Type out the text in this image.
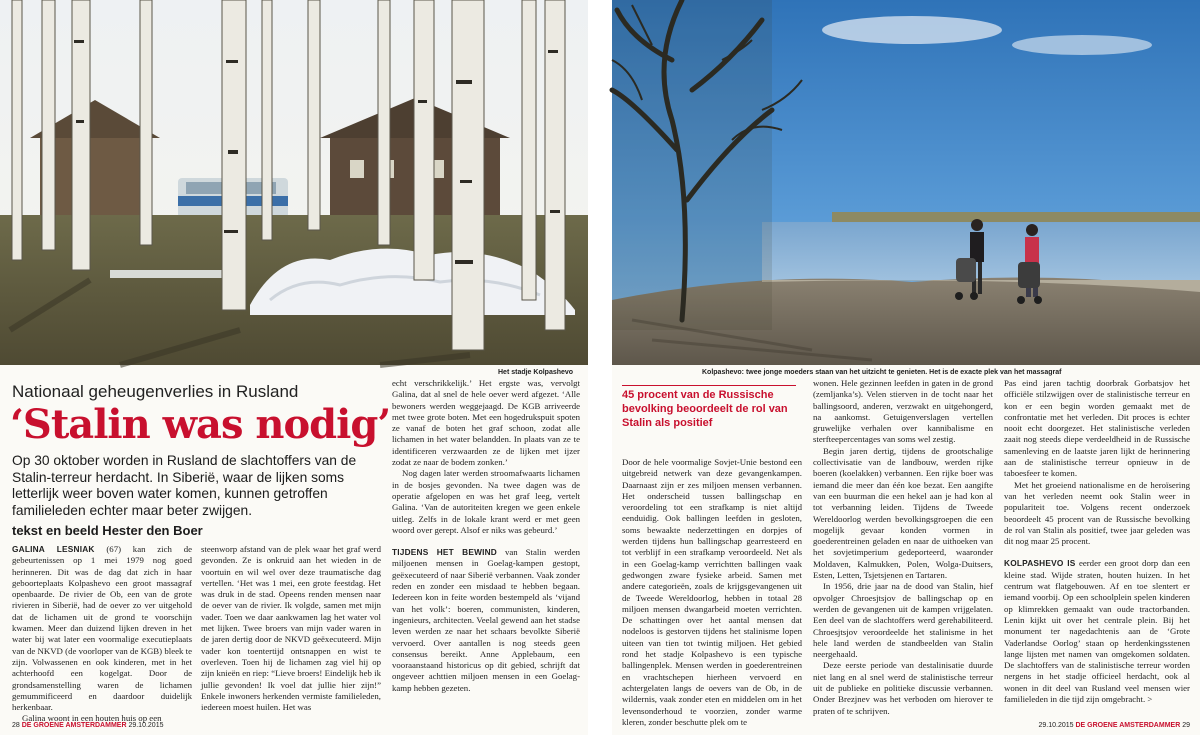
Het stadje Kolpashevo
Nationaal geheugenverlies in Rusland
‘Stalin was nodig’
Op 30 oktober worden in Rusland de slachtoffers van de Stalin-terreur herdacht. In Siberië, waar de lijken soms letterlijk weer boven water komen, kunnen getroffen familieleden echter maar beter zwijgen.
tekst en beeld Hester den Boer

GALINA LESNIAK (67) kan zich de gebeurtenissen op 1 mei 1979 nog goed herinneren. Dit was de dag dat zich in haar geboorteplaats Kolpashevo een groot massagraf openbaarde. De rivier de Ob, een van de grote rivieren in Siberië, had de oever zo ver uitgehold dat de lichamen uit de grond te voorschijn kwamen. Meer dan duizend lijken dreven in het water bij wat later een voormalige executieplaats van de NKVD (de voorloper van de KGB) bleek te zijn. Volwassenen en ook kinderen, met in het achterhoofd een kogelgat. Door de grondsamenstelling waren de lichamen gemummificeerd en daardoor duidelijk herkenbaar.

Galina woont in een houten huis op een

steenworp afstand van de plek waar het graf werd gevonden. Ze is onkruid aan het wieden in de voortuin en wil wel over deze traumatische dag vertellen. ‘Het was 1 mei, een grote feestdag. Het was druk in de stad. Opeens renden mensen naar de oever van de rivier. Ik volgde, samen met mijn vader. Toen we daar aankwamen lag het water vol met lijken. Twee broers van mijn vader waren in de jaren dertig door de NKVD geëxecuteerd. Mijn vader kon toentertijd ontsnappen en wist te overleven. Toen hij de lichamen zag viel hij op zijn knieën en riep: “Lieve broers! Eindelijk heb ik jullie gevonden! Ik voel dat jullie hier zijn!” Enkele inwoners herkenden vermiste familieleden, iedereen moest huilen. Het was

echt verschrikkelijk.’ Het ergste was, vervolgt Galina, dat al snel de hele oever werd afgezet. ‘Alle bewoners werden weggejaagd. De KGB arriveerde met twee grote boten. Met een hogedrukspuit spoten ze vanaf de boten het graf schoon, zodat alle lichamen in het water belandden. In plaats van ze te identificeren verzwaarden ze de lijken met ijzer zodat ze naar de bodem zonken.’

Nog dagen later werden stroomafwaarts lichamen in de bosjes gevonden. Na twee dagen was de operatie afgelopen en was het graf leeg, vertelt Galina. ‘Van de autoriteiten kregen we geen enkele uitleg. Zelfs in de lokale krant werd er met geen woord over gerept. Alsof er niks was gebeurd.’

TIJDENS HET BEWIND van Stalin werden miljoenen mensen in Goelag-kampen gestopt, geëxecuteerd of naar Siberië verbannen. Vaak zonder reden en zonder een misdaad te hebben begaan. Iedereen kon in feite worden bestempeld als ‘vijand van het volk’: boeren, communisten, kinderen, ingenieurs, architecten. Veelal gewend aan het stadse leven werden ze naar het schaars bevolkte Siberië vervoerd. Over aantallen is nog steeds geen consensus bereikt. Anne Applebaum, een vooraanstaand historicus op dit gebied, schrijft dat ongeveer achttien miljoen mensen in een Goelag-kamp hebben gezeten.

28 DE GROENE AMSTERDAMMER 29.10.2015
Kolpashevo: twee jonge moeders staan van het uitzicht te genieten. Het is de exacte plek van het massagraf
45 procent van de Russische bevolking beoordeelt de rol van Stalin als positief

Door de hele voormalige Sovjet-Unie bestond een uitgebreid netwerk van deze gevangenkampen. Daarnaast zijn er zes miljoen mensen verbannen. Het onderscheid tussen ballingschap en veroordeling tot een strafkamp is niet altijd eenduidig. Ook ballingen leefden in gesloten, soms bewaakte nederzettingen en dorpjes of werden tijdens hun ballingschap gearresteerd en tot verblijf in een strafkamp veroordeeld. Net als in een Goelag-kamp verrichtten ballingen vaak gedwongen zware fysieke arbeid. Samen met andere categorieën, zoals de krijgsgevangenen uit de Tweede Wereldoorlog, hebben in totaal 28 miljoen mensen dwangarbeid moeten verrichten. De schattingen over het aantal mensen dat nodeloos is gestorven tijdens het stalinisme lopen uiteen van tien tot twintig miljoen. Het gebied rond het stadje Kolpashevo is een typische ballingenplek. Mensen werden in goederentreinen en vrachtschepen hierheen vervoerd en achtergelaten langs de oevers van de Ob, in de wildernis, vaak zonder eten en middelen om in het levensonderhoud te voorzien, zonder warme kleren, zonder beschutte plek om te

wonen. Hele gezinnen leefden in gaten in de grond (zemljanka’s). Velen stierven in de tocht naar het ballingsoord, anderen, verzwakt en uitgehongerd, na aankomst. Getuigenverslagen vertellen gruwelijke verhalen over kannibalisme en sterfteepercentages van soms wel zestig.

Begin jaren dertig, tijdens de grootschalige collectivisatie van de landbouw, werden rijke boeren (koelakken) verbannen. Een rijke boer was iemand die meer dan één koe bezat. Een aangifte van een buurman die een hekel aan je had kon al tot verbanning leiden. Tijdens de Tweede Wereldoorlog werden bevolkingsgroepen die een mogelijk gevaar konden vormen in goederentreinen geladen en naar de uithoeken van het sovjetimperium gedeporteerd, waaronder Moldaven, Kalmukken, Polen, Wolga-Duitsers, Esten, Letten, Tsjetsjenen en Tartaren.

In 1956, drie jaar na de dood van Stalin, hief opvolger Chroesjtsjov de ballingschap op en werden de gevangenen uit de kampen vrijgelaten. Een deel van de slachtoffers werd gerehabiliteerd. Chroesjtsjov veroordeelde het stalinisme in het hele land werden de standbeelden van Stalin neergehaald.

Deze eerste periode van destalinisatie duurde niet lang en al snel werd de stalinistische terreur uit de publieke en politieke discussie verbannen. Onder Brezjnev was het verboden om hierover te praten of te schrijven.

Pas eind jaren tachtig doorbrak Gorbatsjov het officiële stilzwijgen over de stalinistische terreur en kon er een begin worden gemaakt met de confrontatie met het verleden. Dit proces is echter nooit echt doorgezet. Het stalinistische verleden zaait nog steeds diepe verdeeldheid in de Russische samenleving en de laatste jaren lijkt de herinnering aan de stalinistische terreur opnieuw in de taboesfeer te komen.

Met het groeiend nationalisme en de heroïsering van het verleden neemt ook Stalin weer in populariteit toe. Volgens recent onderzoek beoordeelt 45 procent van de Russische bevolking de rol van Stalin als positief, twee jaar geleden was dit nog maar 25 procent.

KOLPASHEVO IS eerder een groot dorp dan een kleine stad. Wijde straten, houten huizen. In het centrum wat flatgebouwen. Af en toe slentert er iemand voorbij. Op een schoolplein spelen kinderen op klimrekken gemaakt van oude tractorbanden. Lenin kijkt uit over het centrale plein. Bij het monument ter nagedachtenis aan de ‘Grote Vaderlandse Oorlog’ staan op herdenkingsstenen lange lijsten met namen van omgekomen soldaten. De slachtoffers van de stalinistische terreur worden nergens in het stadje officieel herdacht, ook al wonen in dit deel van Rusland veel mensen wier familieleden in die tijd zijn omgebracht. >

29.10.2015 DE GROENE AMSTERDAMMER 29
